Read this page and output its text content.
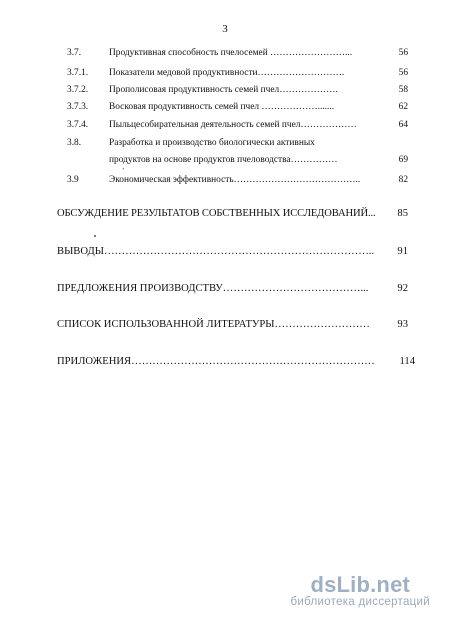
3
3.7.	Продуктивная способность пчелосемей ……………………...	56
3.7.1. Показатели медовой продуктивности……………………….	56
3.7.2. Прополисовая продуктивность семей пчел……………….	58
3.7.3. Восковая продуктивность семей пчел ……………….......	62
3.7.4. Пыльцесобирательная деятельность семей пчел………………	64
3.8.	Разработка и производство биологически активных
продуктов на основе продуктов пчеловодства……………	69
ʼ
3.9	Экономическая эффективность…………………………………..	82
ОБСУЖДЕНИЕ РЕЗУЛЬТАТОВ СОБСТВЕННЫХ ИССЛЕДОВАНИЙ...	85
ВЫВОДЫ…………………………………………………………………..	91
ПРЕДЛОЖЕНИЯ ПРОИЗВОДСТВУ…………………………………...	92
СПИСОК ИСПОЛЬЗОВАННОЙ ЛИТЕРАТУРЫ………………………	93
ПРИЛОЖЕНИЯ……………………………………………………………	114
dsLib.net
библиотека диссертаций
